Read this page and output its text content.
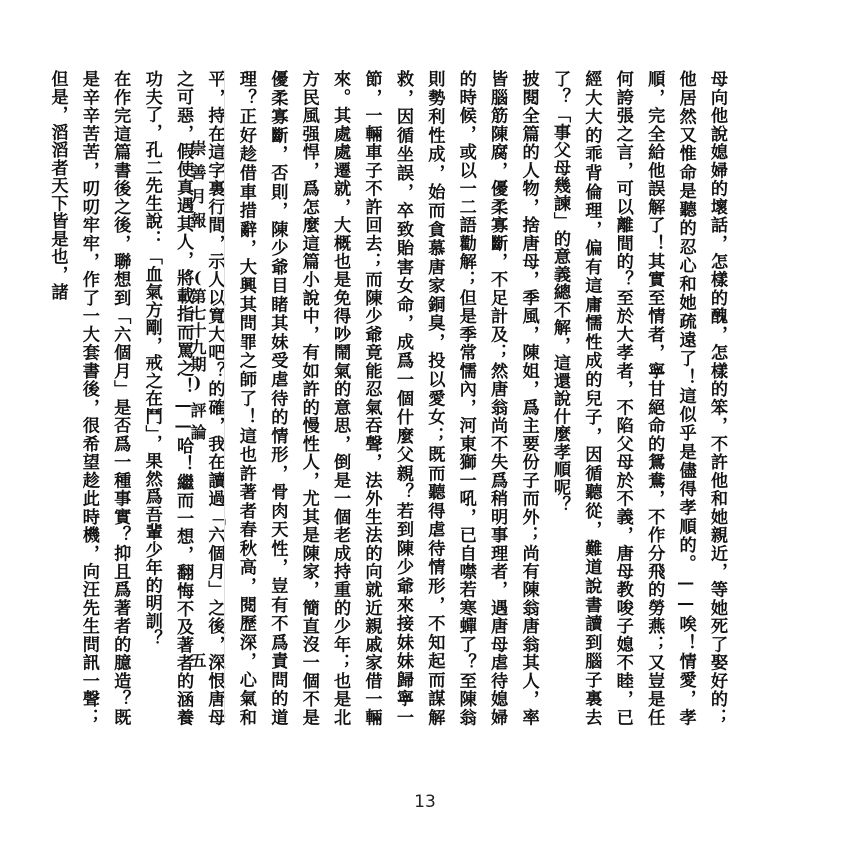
母向他說媳婦的壞話，怎樣的醜，怎樣的笨，不許他和她親近，等她死了娶好的；他居然又惟命是聽的忍心和她疏遠了！這似乎是儘得孝順的。——唉！情愛，孝順，完全給他誤解了！其實至情者，寧甘絕命的鴛鴦，不作分飛的勞燕；又豈是任何誇張之言，可以離間的？至於大孝者，不陷父母於不義，唐母教唆子媳不睦，已經大大的乖背倫理，偏有這庸懦性成的兒子，因循聽從，難道說書讀到腦子裏去了？「事父母幾諫」的意義總不解，這還說什麼孝順呢？

披閱全篇的人物，捨唐母，季風，陳姐，爲主要份子而外；尚有陳翁唐翁其人，率皆腦筋陳腐，優柔寡斷，不足計及；然唐翁尚不失爲稍明事理者，遇唐母虐待媳婦的時候，或以一二語勸解；但是季常懦內，河東獅一吼，已自噤若寒蟬了？至陳翁則勢利性成，始而貪慕唐家銅臭，投以愛女；既而聽得虐待情形，不知起而謀解救，因循坐誤，卒致貽害女命，成爲一個什麼父親？若到陳少爺來接妹妹歸寧一節，一輛車子不許回去；而陳少爺竟能忍氣吞聲，法外生法的向就近親戚家借一輛來。其處處遷就，大概也是免得吵鬧氣的意思，倒是一個老成持重的少年；也是北方民風强悍，爲怎麼這篇小說中，有如許的慢性人，尤其是陳家，簡直沒一個不是優柔寡斷，否則，陳少爺目睹其妹受虐待的情形，骨肉天性，豈有不爲責問的道理？正好趁借車措辭，大興其問罪之師了！這也許著者春秋高，閱歷深，心氣和平，持在這字裏行間，示人以寬大吧？的確，我在讀過「六個月」之後，深恨唐母之可惡，假使真遇其人，將載指而罵之！——哈！繼而一想，翻悔不及著者的涵養功夫了，孔二先生說：「血氣方剛，戒之在鬥」，果然爲吾輩少年的明訓？

在作完這篇書後之後，聯想到「六個月」是否爲一種事實？抑且爲著者的臆造？既是辛辛苦苦，叨叨牢牢，作了一大套書後，很希望趁此時機，向汪先生問訊一聲；但是，滔滔者天下皆是也，諸	崇善月報
(第七十九期)
評論
五
13
